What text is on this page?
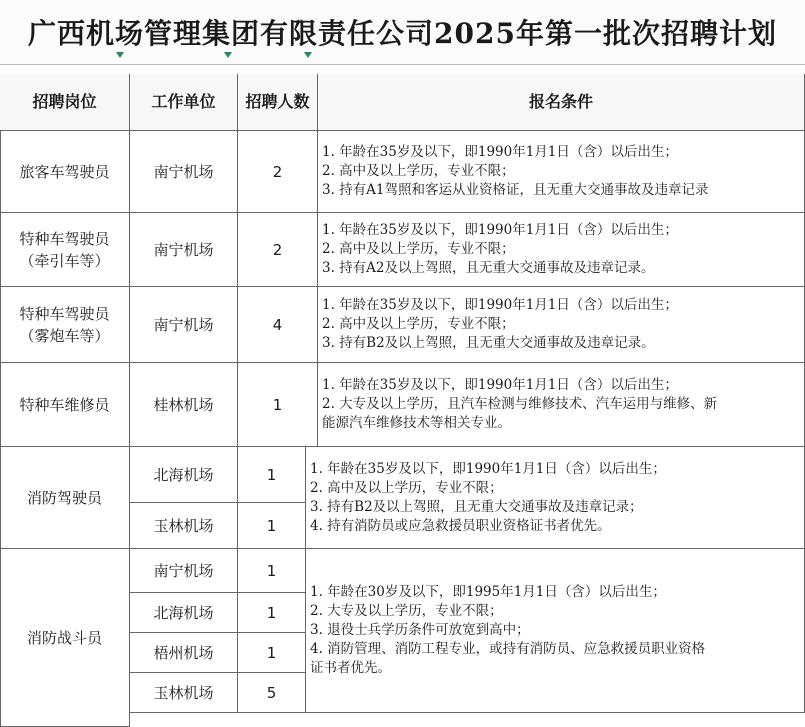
广西机场管理集团有限责任公司2025年第一批次招聘计划
招聘岗位	工作单位	招聘人数	报名条件
旅客车驾驶员	南宁机场	2
1. 年龄在35岁及以下，即1990年1月1日（含）以后出生；
2. 高中及以上学历，专业不限；
3. 持有A1驾照和客运从业资格证，且无重大交通事故及违章记录
特种车驾驶员
（牵引车等）
南宁机场	2
1. 年龄在35岁及以下，即1990年1月1日（含）以后出生；
2. 高中及以上学历，专业不限；
3. 持有A2及以上驾照，且无重大交通事故及违章记录。
特种车驾驶员
（雾炮车等）
南宁机场	4
1. 年龄在35岁及以下，即1990年1月1日（含）以后出生；
2. 高中及以上学历，专业不限；
3. 持有B2及以上驾照，且无重大交通事故及违章记录。
特种车维修员	桂林机场	1
1. 年龄在35岁及以下，即1990年1月1日（含）以后出生；
2. 大专及以上学历，且汽车检测与维修技术、汽车运用与维修、新
能源汽车维修技术等相关专业。
消防驾驶员
北海机场	1
玉林机场	1
1. 年龄在35岁及以下，即1990年1月1日（含）以后出生；
2. 高中及以上学历，专业不限；
3. 持有B2及以上驾照，且无重大交通事故及违章记录；
4. 持有消防员或应急救援员职业资格证书者优先。
消防战斗员
南宁机场	1
北海机场	1
梧州机场	1
玉林机场	5
1. 年龄在30岁及以下，即1995年1月1日（含）以后出生；
2. 大专及以上学历，专业不限；
3. 退役士兵学历条件可放宽到高中；
4. 消防管理、消防工程专业，或持有消防员、应急救援员职业资格
证书者优先。
